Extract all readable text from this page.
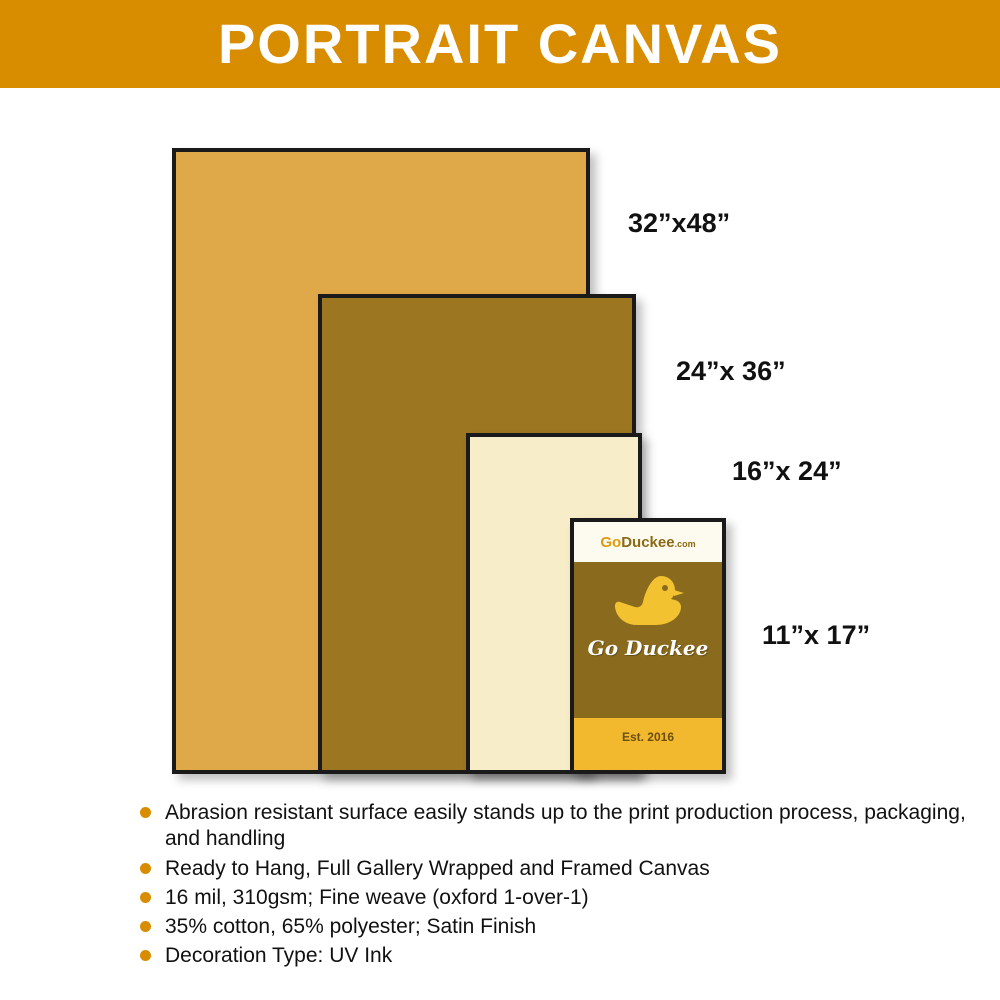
PORTRAIT CANVAS
GoDuckee.com
Go Duckee
Est. 2016
32”x48”
24”x 36”
16”x 24”
11”x 17”
Abrasion resistant surface easily stands up to the print production process, packaging, and handling
Ready to Hang, Full Gallery Wrapped and Framed Canvas
16 mil, 310gsm; Fine weave (oxford 1-over-1)
35% cotton, 65% polyester; Satin Finish
Decoration Type: UV Ink
